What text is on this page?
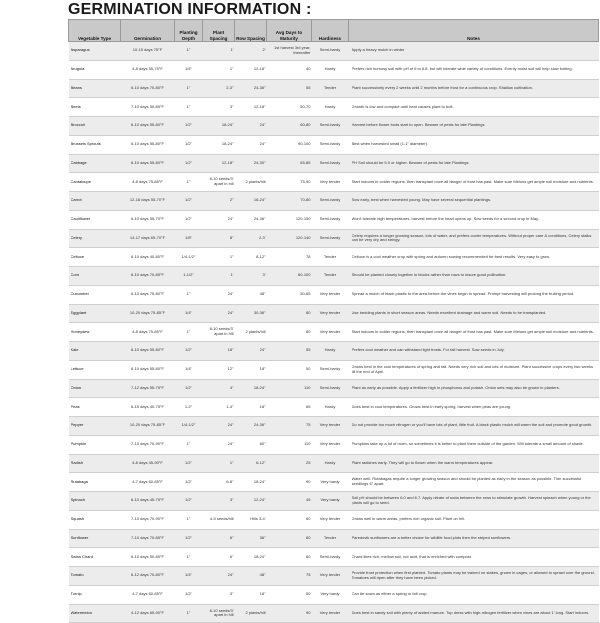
GERMINATION INFORMATION :
Vegetable Type	Germination	Planting Depth	Plant Spacing	Row Spacing	Avg Days to Maturity	Hardiness	Notes

Asparagus	10-15 days 75°F	1"	1'	2'	1st harvest 3rd year; thereafter	Semi-hardy	Apply a heavy mulch in winter

Arugula	4-8 days 55-75°F	1/4"	1"	12-18"	40	Hardy	Prefers rich humusy soil with pH of 6 to 6.8, but will tolerate wide variety of conditions. Evenly moist soil will help slow bolting.

Beans	6-10 days 70-80°F	1"	2-3"	24-36"	55	Tender	Plant successively every 2 weeks until 2 months before frost for a continuous crop. Shallow cultivation.

Beets	7-10 days 50-85°F	1"	3"	12-18"	50-70	Hardy	Growth is low and compact until heat causes plant to bolt.

Broccoli	6-10 days 55-80°F	1/2"	18-24"	24"	60-80	Semi-hardy	Harvest before flower buds start to open. Beware of pests for late Plantings

Brussels Sprouts	6-10 days 55-80°F	1/2"	18-24"	24"	90-100	Semi-hardy	Best when harvested small (1-1" diameter).

Cabbage	6-10 days 55-80°F	1/2"	12-18"	24-30"	65-85	Semi-hardy	PH Soil should be 5.0 or higher. Beware of pests for late Plantings

Cantaloupe	4-8 days 75-85°F	1"	8-10 seeds/3' apart in hill	2 plants/hill	75-90	Very tender	Start indoors in colder regions, then transplant once all danger of frost has past. Make sure Melons get ample soil moisture and nutrients.

Carrot	12-18 days 55-70°F	1/2"	2"	16-24"	70-80	Semi-hardy	Sow early, best when harvested young. May have several sequential plantings.

Cauliflower	6-10 days 55-70°F	1/2"	24"	24-36"	120-150	Semi-hardy	Won't tolerate high temperatures, harvest before the head opens up. Sow seeds for a second crop in May.

Celery	14-17 days 65-70°F	1/8"	8"	2-3'	120-140	Semi-hardy	Celery requires a longer growing season, lots of water, and prefers cooler temperatures. Without proper care & conditions, Celery stalks can be very dry and stringy.

Celtuce	6-10 days 40-80°F	1/4-1/2"	1"	8-12"	78	Tender	Celtuce is a cool weather crop with spring and autumn sowing recommended for best results. Very easy to grow.

Corn	6-10 days 70-85°F	1-1/2"	1'	3'	60-100	Tender	Should be planted closely together in blocks rather than rows to insure good pollination.

Cucumber	6-10 days 75-80°F	1"	24"	48"	50-65	Very tender	Spread a mulch of black plastic to the area before the vines begin to spread. Prompt harvesting will prolong the fruiting period.

Eggplant	10-20 days 75-85°F	1/4"	24"	30-36"	80	Very tender	Use bedding plants in short season areas. Needs excellent drainage and warm soil. Needs to be transplanted.

Honeydew	4-8 days 75-85°F	1"	8-10 seeds/3' apart in hill	2 plants/hill	80	Very tender	Start indoors in colder regions, then transplant once all danger of frost has past. Make sure Melons get ample soil moisture and nutrients.

Kale	6-10 days 55-80°F	1/2"	18"	24"	55	Hardy	Prefers cool weather and can withstand light frosts. For fall harvest. Sow seeds in July.

Lettuce	6-10 days 55-80°F	1/4"	12"	18"	50	Semi-hardy	Grows best in the cool temperatures of spring and fall. Needs very rich soil and lots of moisture. Plant successive crops every two weeks till the end of April.

Onion	7-12 days 55-75°F	1/2"	4"	18-24"	110	Semi-hardy	Plant as early as possible. Apply a fertilizer high in phosphorus and potash. Onion sets may also be grown in planters.

Peas	6-15 days 40-75°F	1-2"	1-4"	18"	65	Hardy	Does best in cool temperatures. Grows best in early spring, harvest when peas are young.

Pepper	10-20 days 75-85°F	1/4-1/2"	24"	24-36"	75	Very tender	Do not provide too much nitrogen or you'll have lots of plant, little fruit. A black plastic mulch will warm the soil and promote good growth.

Pumpkin	7-10 days 70-90°F	1"	24"	60"	110	Very tender	Pumpkins take up a lot of room, so sometimes it is better to plant them outside of the garden. Will tolerate a small amount of shade.

Radish	4-8 days 45-90°F	1/2"	1"	6-12"	25	Hardy	Plant radishes early. They will go to flower when the warm temperatures appear.

Rutabaga	4-7 days 60-85°F	1/2"	6-8"	18-24"	90	Very hardy	Water well. Rutabagas require a longer growing season and should be planted as early in the season as possible. Thin successful seedlings 6" apart.

Spinach	6-10 days 45-75°F	1/2"	3"	12-24"	45	Very hardy	Soil pH should be between 6.0 and 6.7. Apply nitrate of soda between the rows to stimulate growth. Harvest spinach when young or the plants will go to seed.

Squash	7-10 days 70-90°F	1"	4-5 seeds/hill	Hills 3-4'	60	Very tender	Grows well in warm areas, prefers rich organic soil. Plant on hill.

Sunflower	7-10 days 70-85°F	1/2"	6"	36"	80	Tender	Paredovik sunflowers are a better choice for wildlife food plots then the striped sunflowers.

Swiss Chard	6-10 days 50-85°F	1"	6"	18-24"	60	Semi-hardy	Chard likes rich, mellow soil, not acid, that is enriched with compost.

Tomato	6-12 days 70-80°F	1/4"	24"	48"	75	Very tender	Provide frost protection when first planted. Tomato plants may be trained on stakes, grown in cages, or allowed to sprawl over the ground. Tomatoes will ripen after they have been picked.

Turnip	4-7 days 60-85°F	1/2"	3"	18"	50	Very hardy	Can be sown as either a spring or fall crop.

Watermelon	4-12 days 65-90°F	1"	8-10 seeds/3' apart in hill	2 plants/hill	90	Very tender	Does best in sandy soil with plenty of added manure. Top dress with high-nitrogen fertilizer when vines are about 1' long. Start indoors.
